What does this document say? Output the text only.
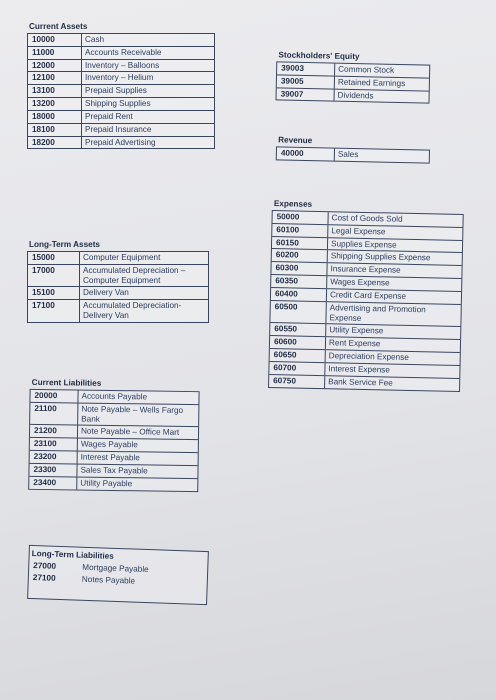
Current Assets
10000	Cash
11000	Accounts Receivable
12000	Inventory – Balloons
12100	Inventory – Helium
13100	Prepaid Supplies
13200	Shipping Supplies
18000	Prepaid Rent
18100	Prepaid Insurance
18200	Prepaid Advertising
Stockholders' Equity
39003	Common Stock
39005	Retained Earnings
39007	Dividends
Revenue
40000	Sales
Expenses
50000	Cost of Goods Sold
60100	Legal Expense
60150	Supplies Expense
60200	Shipping Supplies Expense
60300	Insurance Expense
60350	Wages Expense
60400	Credit Card Expense
60500	Advertising and Promotion Expense
60550	Utility Expense
60600	Rent Expense
60650	Depreciation Expense
60700	Interest Expense
60750	Bank Service Fee
Long-Term Assets
15000	Computer Equipment
17000	Accumulated Depreciation –Computer Equipment
15100	Delivery Van
17100	Accumulated Depreciation-Delivery Van
Current Liabilities
20000	Accounts Payable
21100	Note Payable – Wells Fargo Bank
21200	Note Payable – Office Mart
23100	Wages Payable
23200	Interest Payable
23300	Sales Tax Payable
23400	Utility Payable
Long-Term Liabilities
27000	Mortgage Payable
27100	Notes Payable
